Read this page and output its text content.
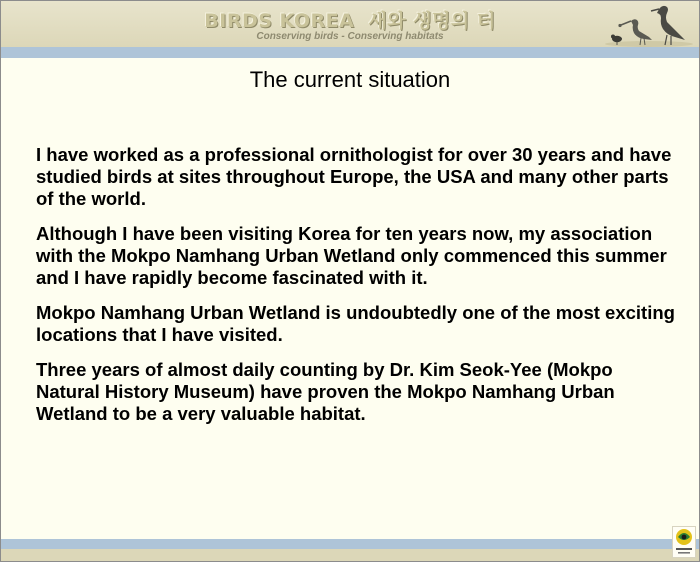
BIRDS KOREA 새와 생명의 터
Conserving birds - Conserving habitats
The current situation

I have worked as a professional ornithologist for over 30 years and have studied birds at sites throughout Europe, the USA and many other parts of the world.

Although I have been visiting Korea for ten years now, my association with the Mokpo Namhang Urban Wetland only commenced this summer and I have rapidly become fascinated with it.

Mokpo Namhang Urban Wetland is undoubtedly one of the most exciting locations that I have visited.

Three years of almost daily counting by Dr. Kim Seok-Yee (Mokpo Natural History Museum) have proven the Mokpo Namhang Urban Wetland to be a very valuable habitat.
